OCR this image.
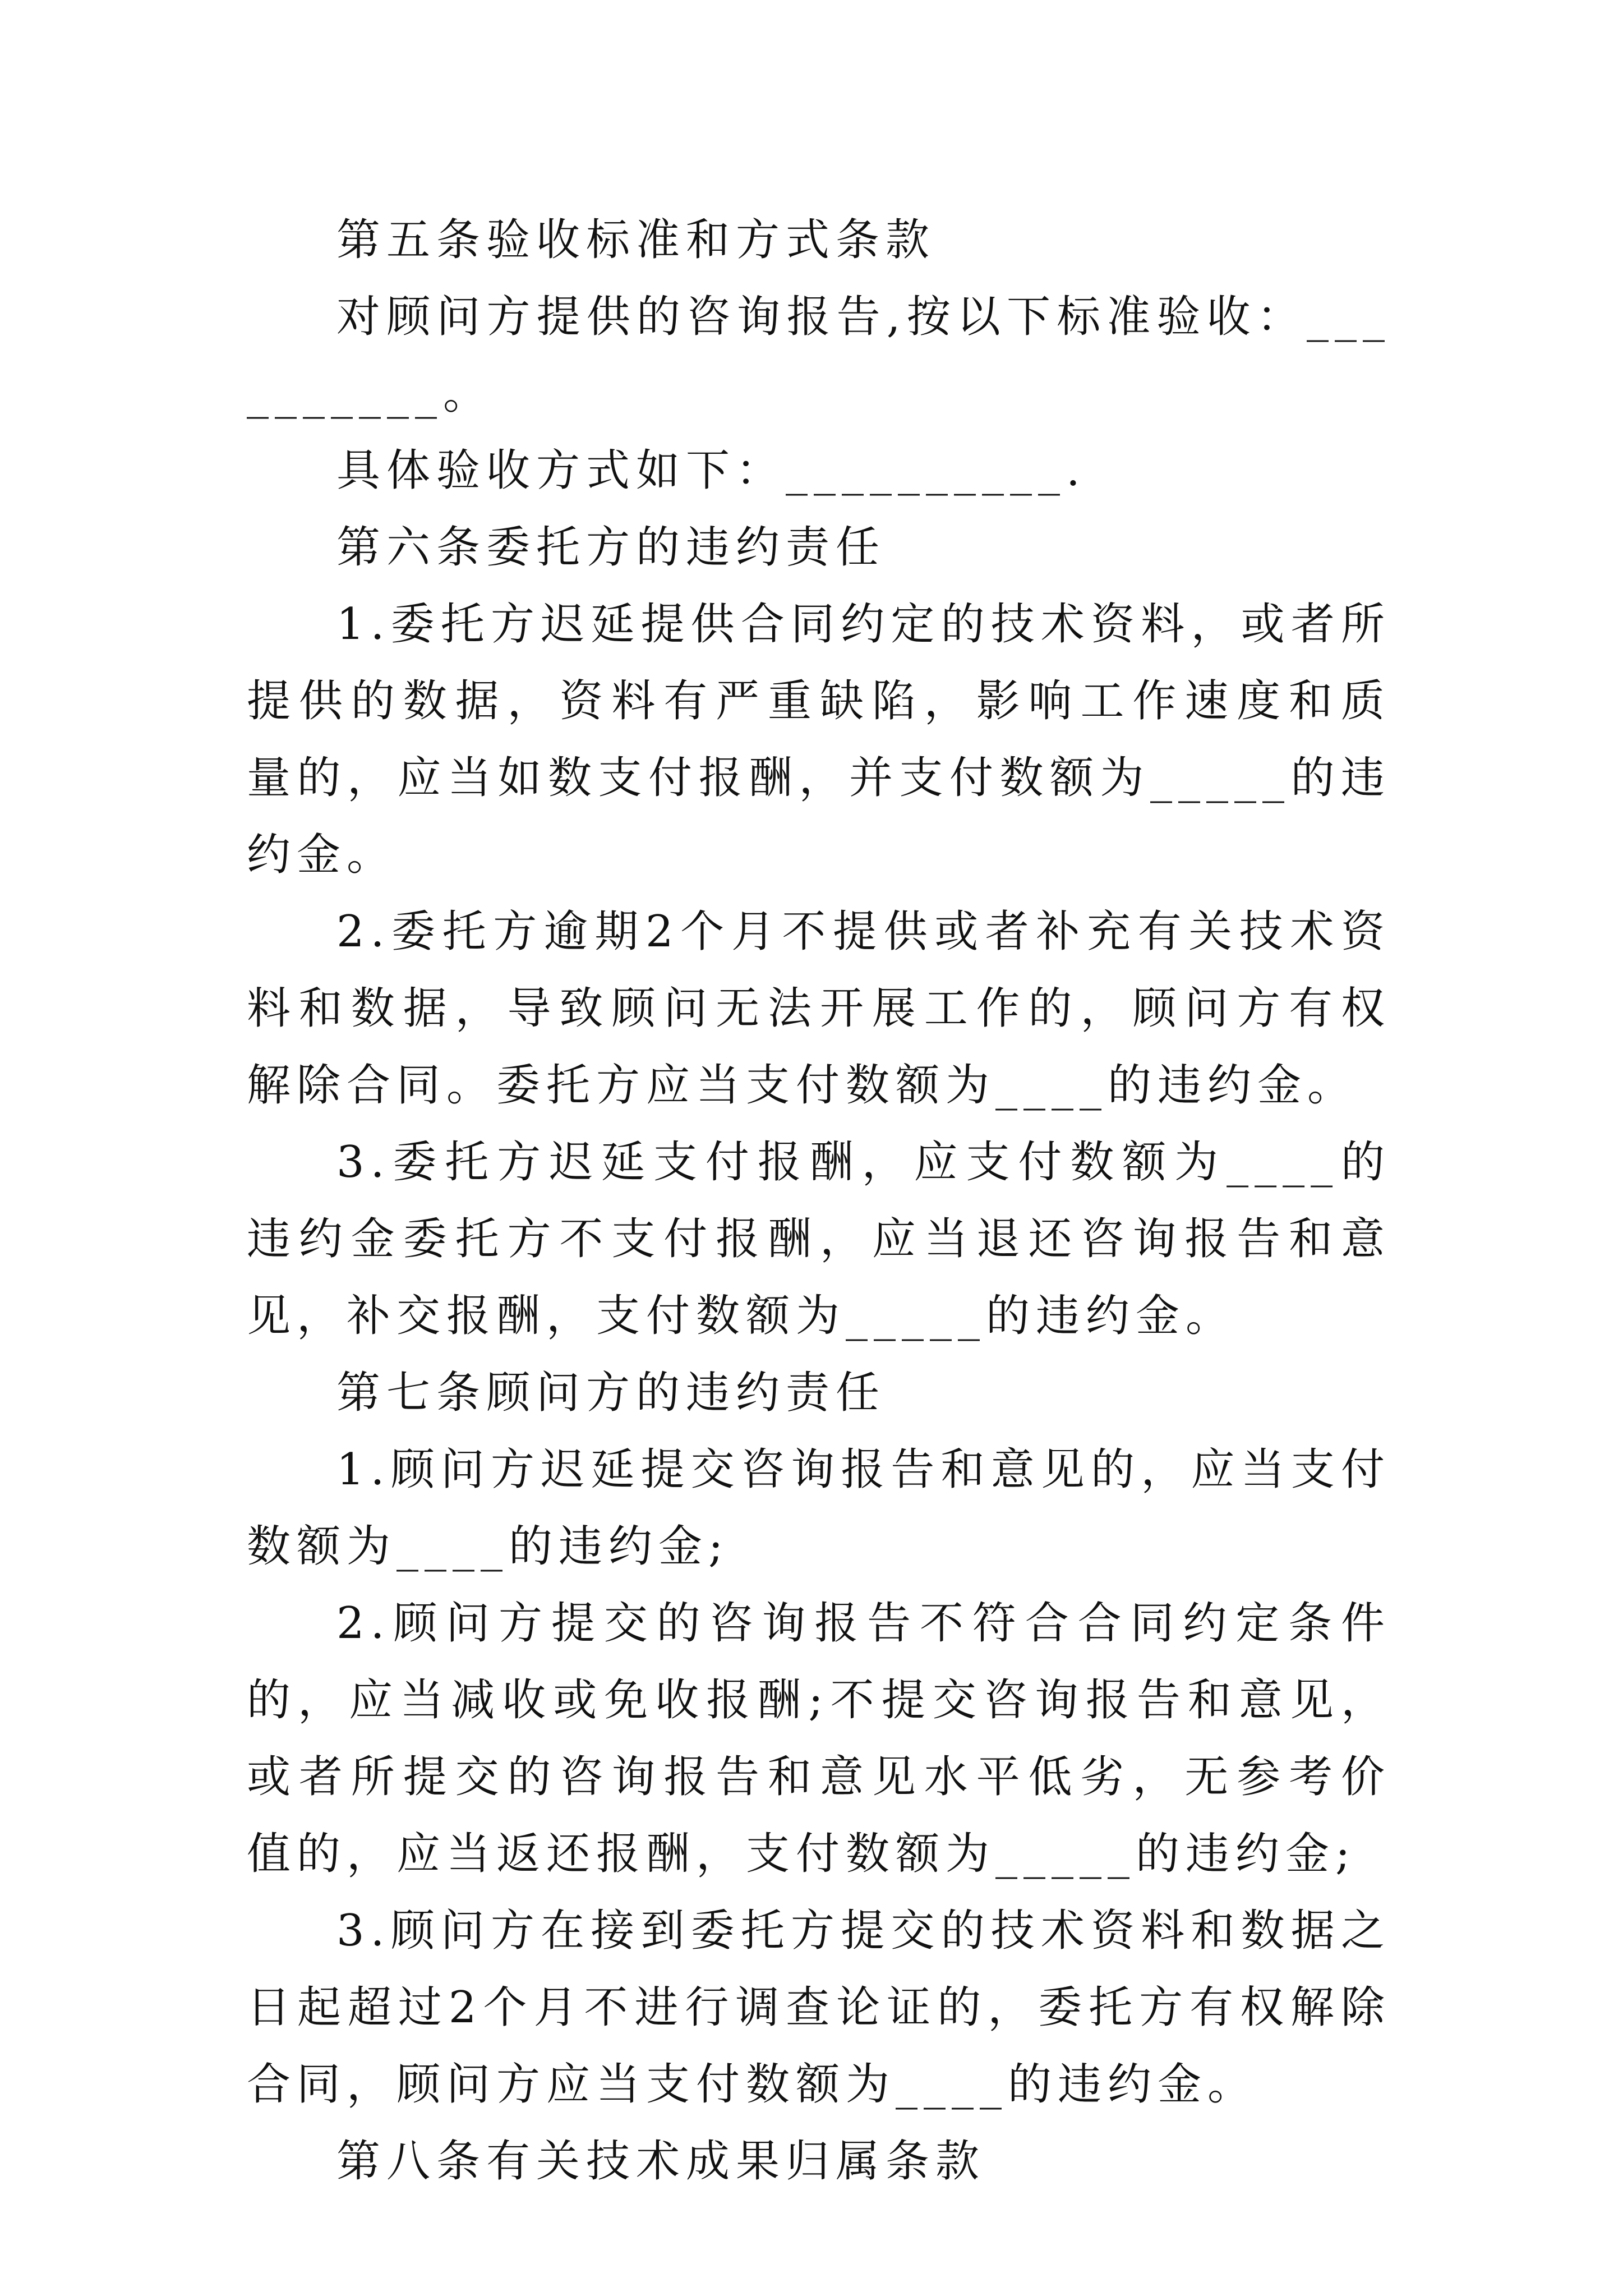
第五条验收标准和方式条款

对顾问方提供的咨询报告,按以下标准验收：__________。

具体验收方式如下：__________.

第六条委托方的违约责任

1.委托方迟延提供合同约定的技术资料，或者所提供的数据，资料有严重缺陷，影响工作速度和质量的，应当如数支付报酬，并支付数额为_____的违约金。

2.委托方逾期2个月不提供或者补充有关技术资料和数据，导致顾问无法开展工作的，顾问方有权解除合同。委托方应当支付数额为____的违约金。

3.委托方迟延支付报酬，应支付数额为____的违约金委托方不支付报酬，应当退还咨询报告和意见，补交报酬，支付数额为_____的违约金。

第七条顾问方的违约责任

1.顾问方迟延提交咨询报告和意见的，应当支付数额为____的违约金;

2.顾问方提交的咨询报告不符合合同约定条件的，应当减收或免收报酬;不提交咨询报告和意见，或者所提交的咨询报告和意见水平低劣，无参考价值的，应当返还报酬，支付数额为_____的违约金;

3.顾问方在接到委托方提交的技术资料和数据之日起超过2个月不进行调查论证的，委托方有权解除合同，顾问方应当支付数额为____的违约金。

第八条有关技术成果归属条款
